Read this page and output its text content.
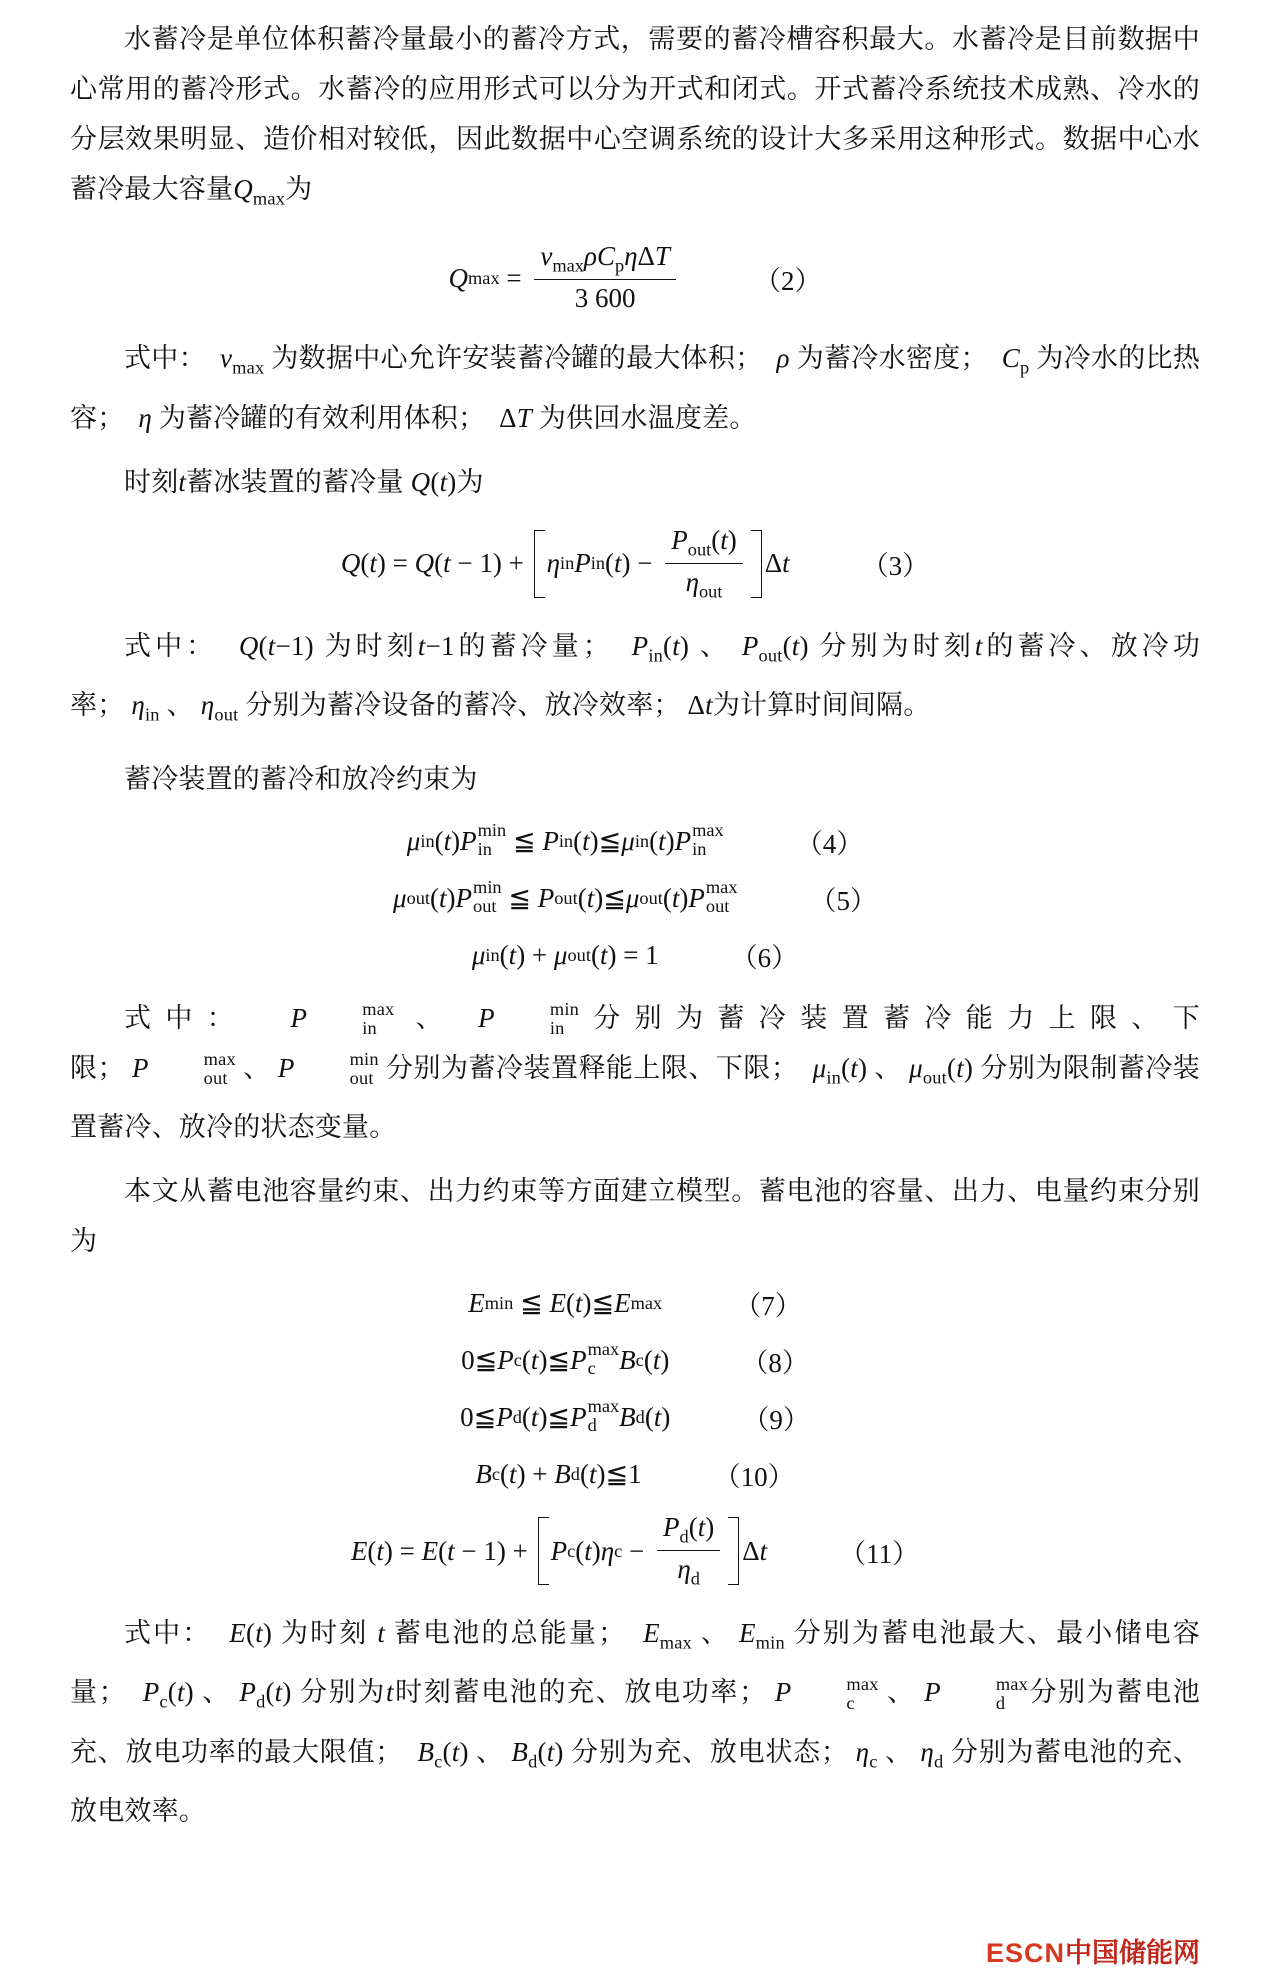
水蓄冷是单位体积蓄冷量最小的蓄冷方式，需要的蓄冷槽容积最大。水蓄冷是目前数据中心常用的蓄冷形式。水蓄冷的应用形式可以分为开式和闭式。开式蓄冷系统技术成熟、冷水的分层效果明显、造价相对较低，因此数据中心空调系统的设计大多采用这种形式。数据中心水蓄冷最大容量$Q_{max}$为

Q $\max = \frac{v_{max}\rho C_p\eta\Delta T}{3 600}$	（2）

式中： $v_{max}$ 为数据中心允许安装蓄冷罐的最大体积； ρ 为蓄冷水密度； $C_p$ 为冷水的比热容； η 为蓄冷罐的有效利用体积；  ΔT 为供回水温度差。

时刻t蓄冰装置的蓄冷量 Q(t)为

Q ( t ) = Q ( t − 1) + η in P in ( t ) − $\frac{P_{out}(t)}{\eta_{out}}$ Δ t	（3）

式中： Q(t−1) 为时刻t−1的蓄冷量； $P_{in}(t)$ 、 $P_{out}(t)$ 分别为时刻t的蓄冷、放冷功率； $\eta_{in}$ 、 $\eta_{out}$ 分别为蓄冷设备的蓄冷、放冷效率； Δt为计算时间间隔。

蓄冷装置的蓄冷和放冷约束为

μ in ( t ) P min
in ≦ P in ( t )≦ μ in ( t ) P max
in	（4）
μ out ( t ) P min
out ≦ P out ( t )≦ μ out ( t ) P max
out	（5）
μ in ( t ) + μ out ( t ) = 1	（6）

式中： P	max
in 、 P	min
in 分别为蓄冷装置蓄冷能力上限、下限； P	max
out 、 P	min
out 分别为蓄冷装置释能上限、下限； $\mu_{in}(t)$ 、 $\mu_{out}(t)$ 分别为限制蓄冷装置蓄冷、放冷的状态变量。

本文从蓄电池容量约束、出力约束等方面建立模型。蓄电池的容量、出力、电量约束分别为

E min ≦ E ( t )≦ E max	（7）
0 ≦ P c ( t )≦ P max
c B c ( t )	（8）
0 ≦ P d ( t )≦ P max
d B d ( t )	（9）
B c ( t ) + B d ( t )≦ 1	（10）
E ( t ) = E ( t − 1) + P c ( t ) η $c - \frac{P_d(t)}{\eta_d}$ Δ t	（11）

式中： E(t) 为时刻 t 蓄电池的总能量； $E_{max}$ 、 $E_{min}$ 分别为蓄电池最大、最小储电容量； $P_c(t)$ 、 $P_d(t)$ 分别为t时刻蓄电池的充、放电功率； P	max
c 、 P	max
d 分别为蓄电池充、放电功率的最大限值； $B_c(t)$ 、 $B_d(t)$ 分别为充、放电状态； $\eta_c$ 、 $\eta_d$ 分别为蓄电池的充、放电效率。

ESCN中国储能网
